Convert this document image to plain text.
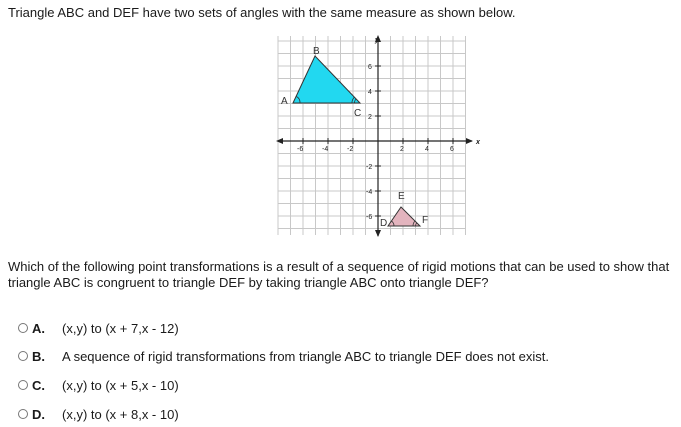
Triangle ABC and DEF have two sets of angles with the same measure as shown below.
x
y
-6	-4	-2	2	4	6
6
4
2
-2
-4
-6
A
B
C
D
E
F
Which of the following point transformations is a result of a sequence of rigid motions that can be used to show that triangle ABC is congruent to triangle DEF by taking triangle ABC onto triangle DEF?
A.	(x,y) to (x + 7,x - 12)
B.	A sequence of rigid transformations from triangle ABC to triangle DEF does not exist.
C.	(x,y) to (x + 5,x - 10)
D.	(x,y) to (x + 8,x - 10)
